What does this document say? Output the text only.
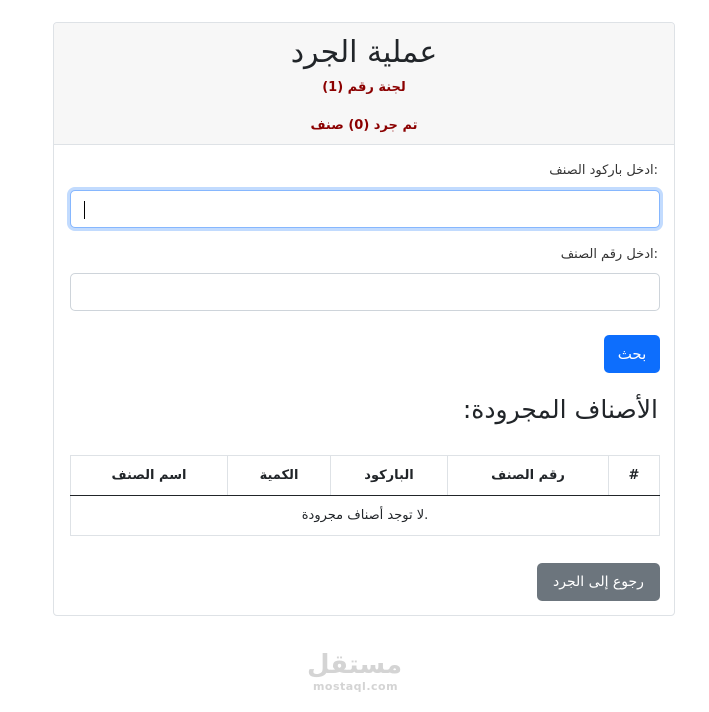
عملية الجرد
لجنة رقم (1)
تم جرد (0) صنف
:ادخل باركود الصنف
:ادخل رقم الصنف
بحث
:الأصناف المجرودة
#	رقم الصنف	الباركود	الكمية	اسم الصنف
.لا توجد أصناف مجرودة
رجوع إلى الجرد
مستقل
mostaql.com
